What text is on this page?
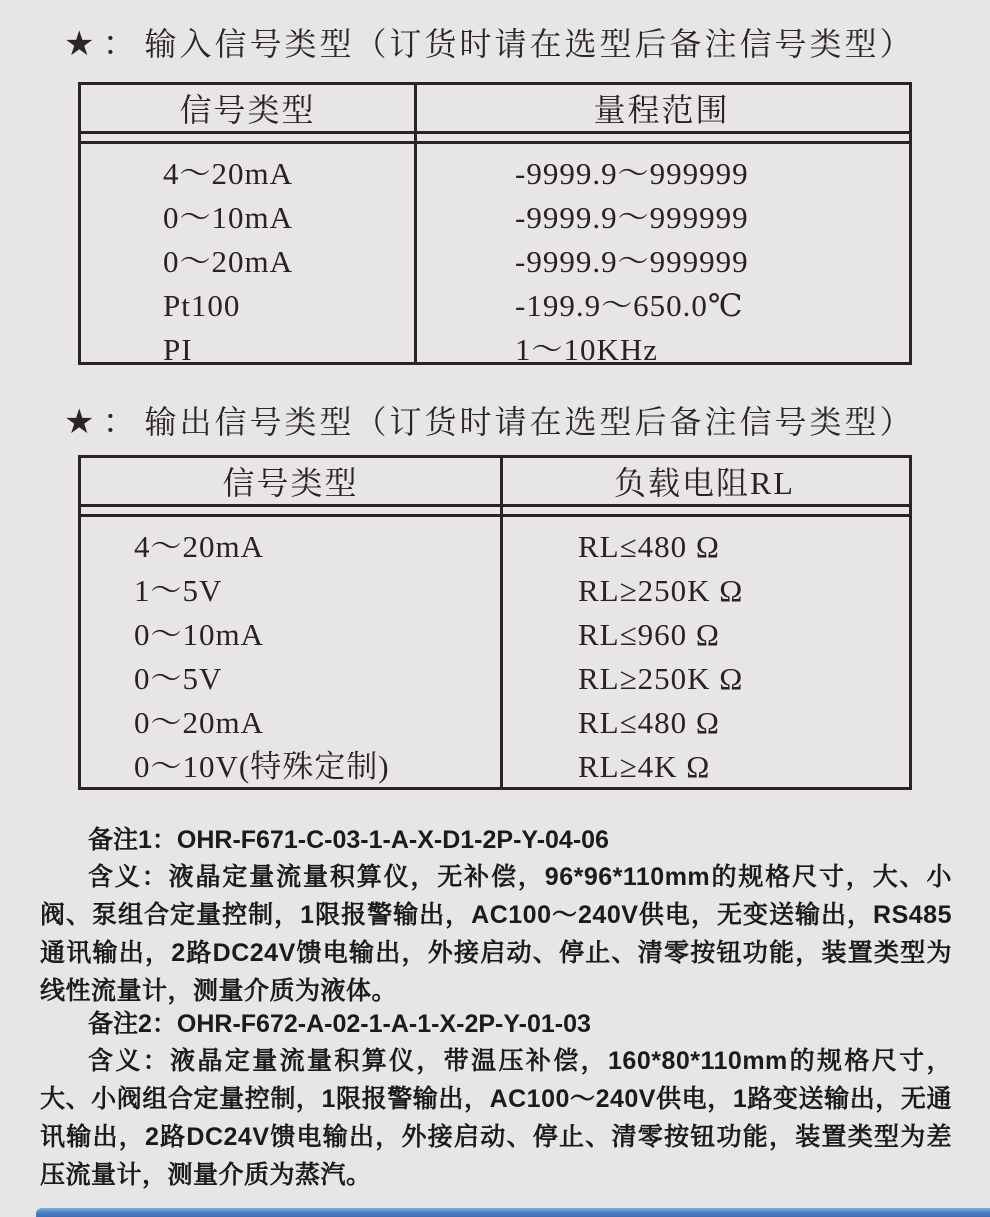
★：输入信号类型（订货时请在选型后备注信号类型）
信号类型	量程范围
4～20mA
0～10mA
0～20mA
Pt100
PI
-9999.9～999999
-9999.9～999999
-9999.9～999999
-199.9～650.0℃
1～10KHz
★：输出信号类型（订货时请在选型后备注信号类型）
信号类型	负载电阻RL
4～20mA
1～5V
0～10mA
0～5V
0～20mA
0～10V(特殊定制)
RL≤480 Ω
RL≥250K Ω
RL≤960 Ω
RL≥250K Ω
RL≤480 Ω
RL≥4K Ω
备注1：OHR-F671-C-03-1-A-X-D1-2P-Y-04-06
含义：液晶定量流量积算仪，无补偿，96*96*110mm的规格尺寸，大、小阀、泵组合定量控制，1限报警输出，AC100～240V供电，无变送输出，RS485通讯输出，2路DC24V馈电输出，外接启动、停止、清零按钮功能，装置类型为线性流量计，测量介质为液体。
备注2：OHR-F672-A-02-1-A-1-X-2P-Y-01-03
含义：液晶定量流量积算仪，带温压补偿，160*80*110mm的规格尺寸，大、小阀组合定量控制，1限报警输出，AC100～240V供电，1路变送输出，无通讯输出，2路DC24V馈电输出，外接启动、停止、清零按钮功能，装置类型为差压流量计，测量介质为蒸汽。
